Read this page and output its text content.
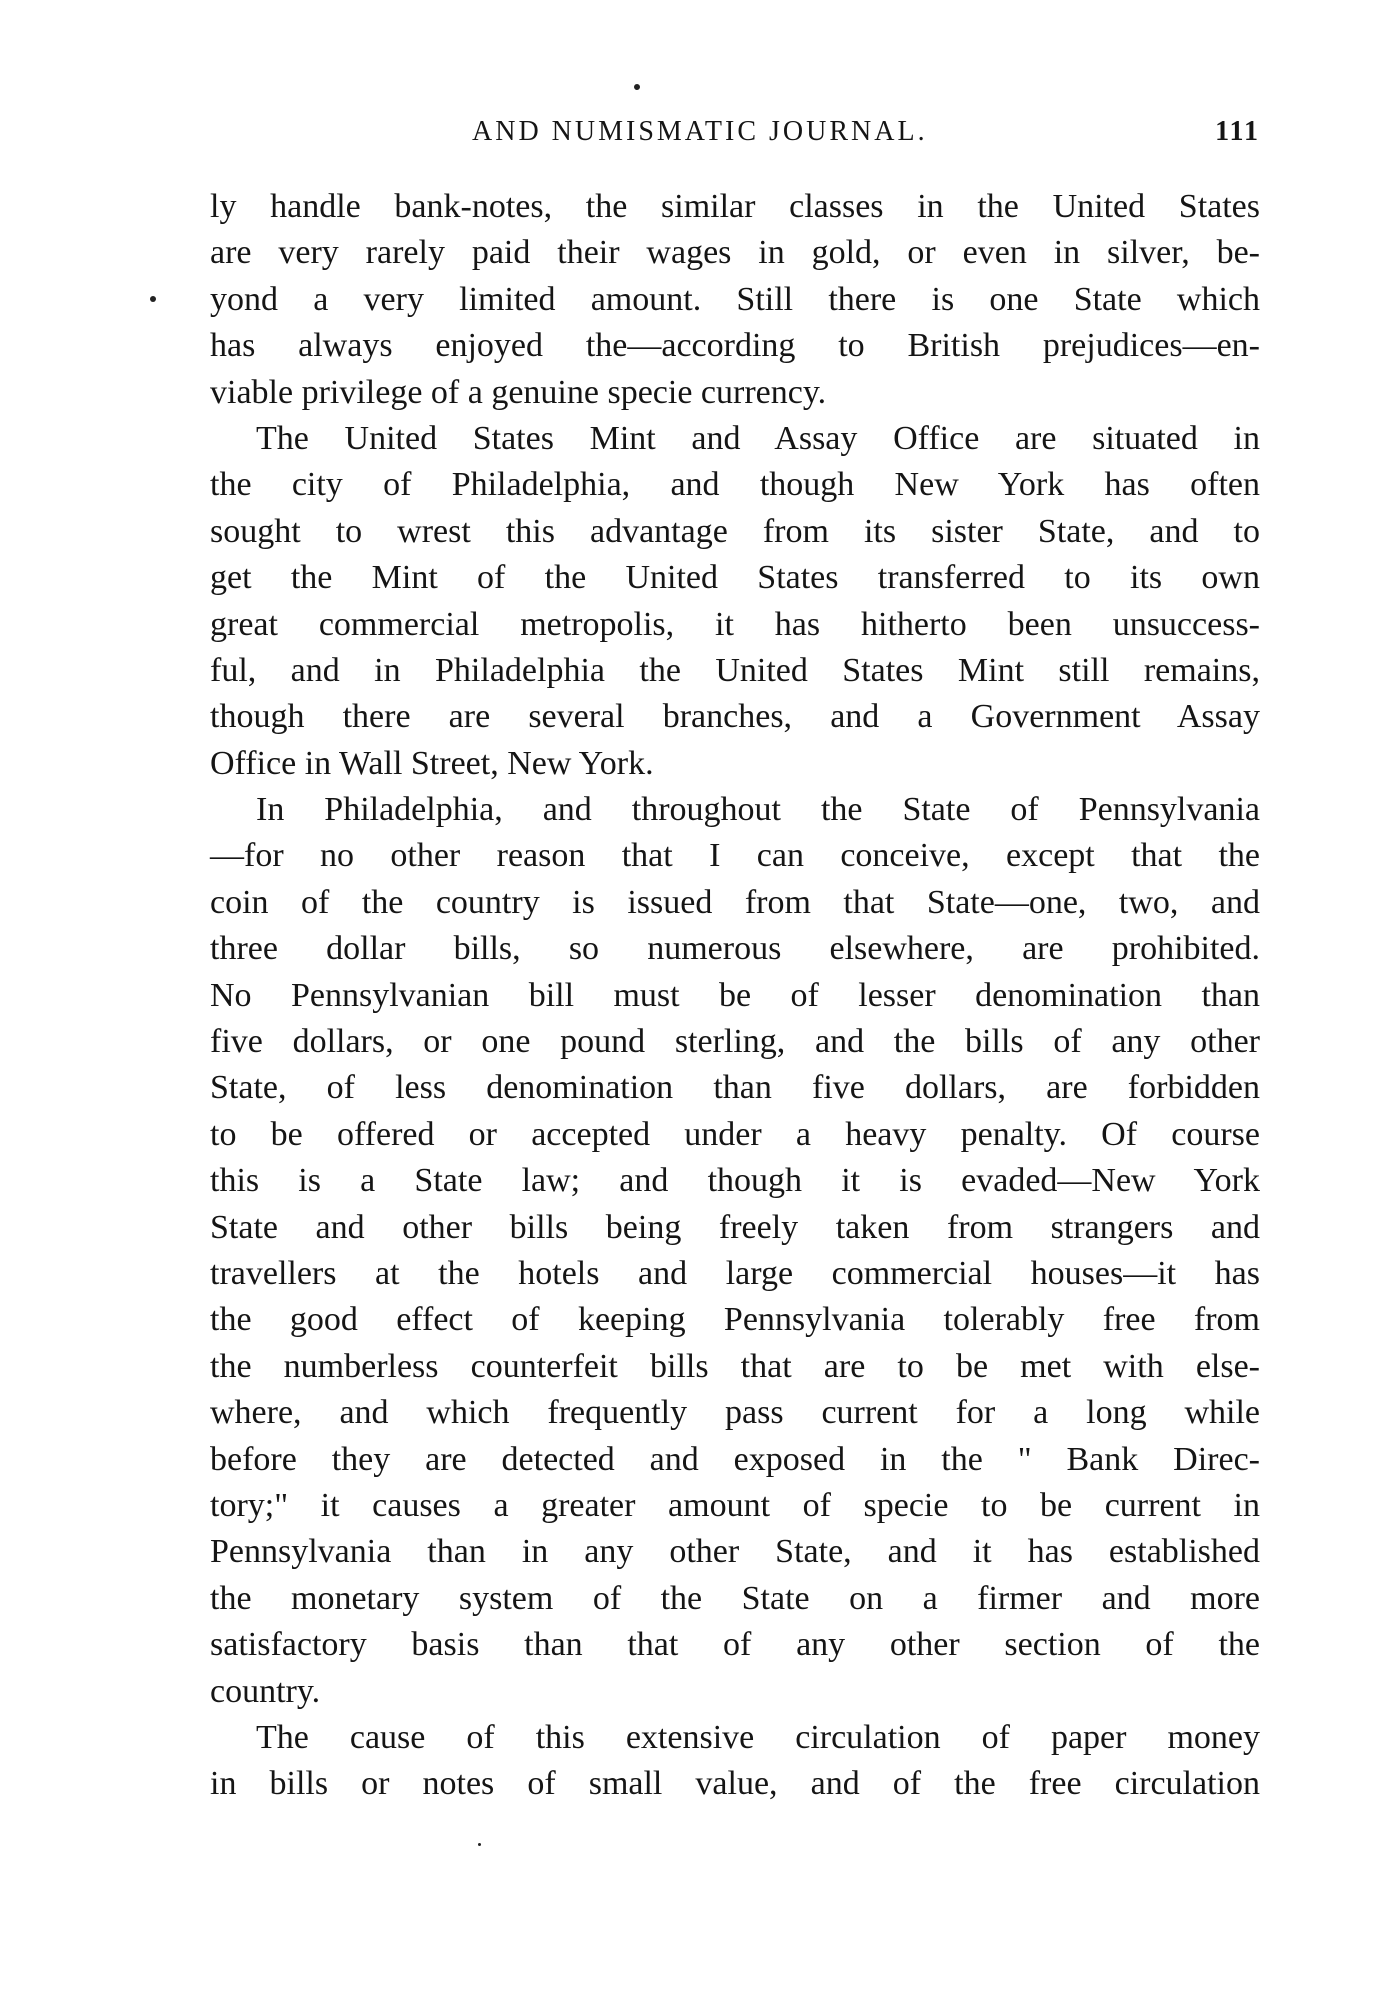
AND NUMISMATIC JOURNAL.	111
ly handle bank-notes, the similar classes in the United States
are very rarely paid their wages in gold, or even in silver, be-
yond a very limited amount. Still there is one State which
has always enjoyed the—according to British prejudices—en-
viable privilege of a genuine specie currency.
The United States Mint and Assay Office are situated in
the city of Philadelphia, and though New York has often
sought to wrest this advantage from its sister State, and to
get the Mint of the United States transferred to its own
great commercial metropolis, it has hitherto been unsuccess-
ful, and in Philadelphia the United States Mint still remains,
though there are several branches, and a Government Assay
Office in Wall Street, New York.
In Philadelphia, and throughout the State of Pennsylvania
—for no other reason that I can conceive, except that the
coin of the country is issued from that State—one, two, and
three dollar bills, so numerous elsewhere, are prohibited.
No Pennsylvanian bill must be of lesser denomination than
five dollars, or one pound sterling, and the bills of any other
State, of less denomination than five dollars, are forbidden
to be offered or accepted under a heavy penalty. Of course
this is a State law; and though it is evaded—New York
State and other bills being freely taken from strangers and
travellers at the hotels and large commercial houses—it has
the good effect of keeping Pennsylvania tolerably free from
the numberless counterfeit bills that are to be met with else-
where, and which frequently pass current for a long while
before they are detected and exposed in the " Bank Direc-
tory;" it causes a greater amount of specie to be current in
Pennsylvania than in any other State, and it has established
the monetary system of the State on a firmer and more
satisfactory basis than that of any other section of the
country.
The cause of this extensive circulation of paper money
in bills or notes of small value, and of the free circulation
